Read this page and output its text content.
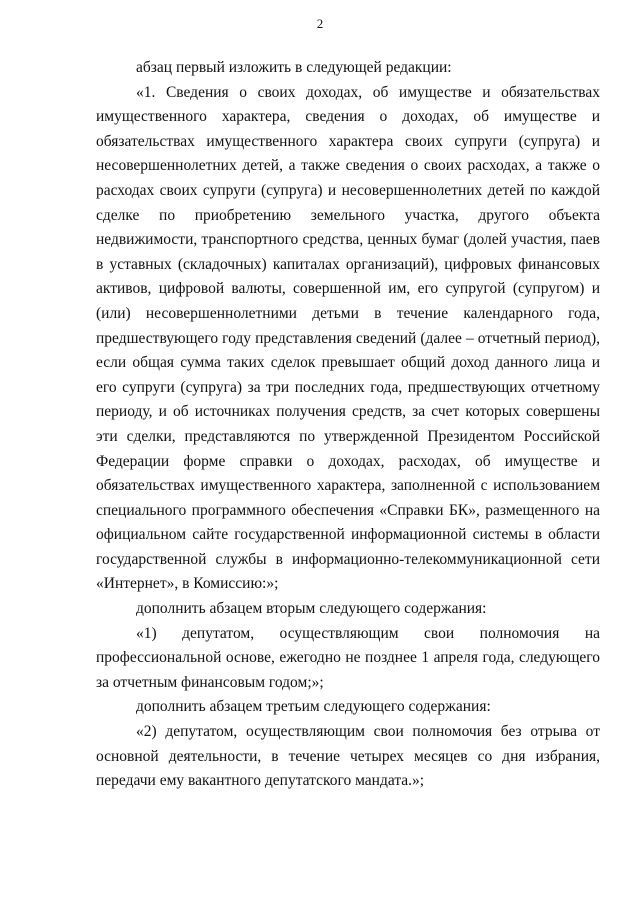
2

абзац первый изложить в следующей редакции:

«1. Сведения о своих доходах, об имуществе и обязательствах имущественного характера, сведения о доходах, об имуществе и обязательствах имущественного характера своих супруги (супруга) и несовершеннолетних детей, а также сведения о своих расходах, а также о расходах своих супруги (супруга) и несовершеннолетних детей по каждой сделке по приобретению земельного участка, другого объекта недвижимости, транспортного средства, ценных бумаг (долей участия, паев в уставных (складочных) капиталах организаций), цифровых финансовых активов, цифровой валюты, совершенной им, его супругой (супругом) и (или) несовершеннолетними детьми в течение календарного года, предшествующего году представления сведений (далее – отчетный период), если общая сумма таких сделок превышает общий доход данного лица и его супруги (супруга) за три последних года, предшествующих отчетному периоду, и об источниках получения средств, за счет которых совершены эти сделки, представляются по утвержденной Президентом Российской Федерации форме справки о доходах, расходах, об имуществе и обязательствах имущественного характера, заполненной с использованием специального программного обеспечения «Справки БК», размещенного на официальном сайте государственной информационной системы в области государственной службы в информационно-телекоммуникационной сети «Интернет», в Комиссию:»;

дополнить абзацем вторым следующего содержания:

«1) депутатом, осуществляющим свои полномочия на профессиональной основе, ежегодно не позднее 1 апреля года, следующего за отчетным финансовым годом;»;

дополнить абзацем третьим следующего содержания:

«2) депутатом, осуществляющим свои полномочия без отрыва от основной деятельности, в течение четырех месяцев со дня избрания, передачи ему вакантного депутатского мандата.»;
